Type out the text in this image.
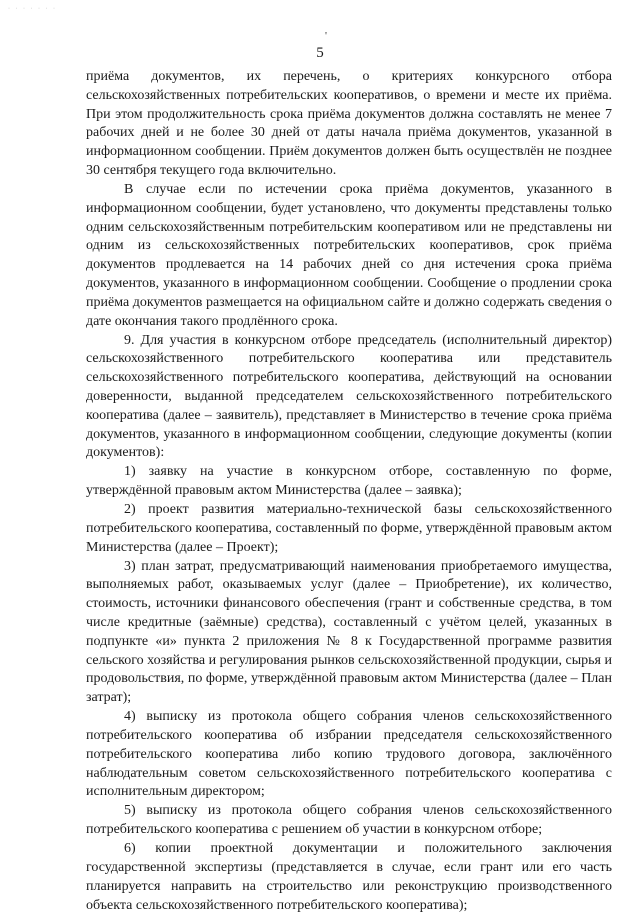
· · · · · · ·
'
5

приёма документов, их перечень, о критериях конкурсного отбора сельскохозяйственных потребительских кооперативов, о времени и месте их приёма. При этом продолжительность срока приёма документов должна составлять не менее 7 рабочих дней и не более 30 дней от даты начала приёма документов, указанной в информационном сообщении. Приём документов должен быть осуществлён не позднее 30 сентября текущего года включительно.

В случае если по истечении срока приёма документов, указанного в информационном сообщении, будет установлено, что документы представлены только одним сельскохозяйственным потребительским кооперативом или не представлены ни одним из сельскохозяйственных потребительских кооперативов, срок приёма документов продлевается на 14 рабочих дней со дня истечения срока приёма документов, указанного в информационном сообщении. Сообщение о продлении срока приёма документов размещается на официальном сайте и должно содержать сведения о дате окончания такого продлённого срока.

9. Для участия в конкурсном отборе председатель (исполнительный директор) сельскохозяйственного потребительского кооператива или представитель сельскохозяйственного потребительского кооператива, действующий на основании доверенности, выданной председателем сельскохозяйственного потребительского кооператива (далее – заявитель), представляет в Министерство в течение срока приёма документов, указанного в информационном сообщении, следующие документы (копии документов):

1) заявку на участие в конкурсном отборе, составленную по форме, утверждённой правовым актом Министерства (далее – заявка);

2) проект развития материально-технической базы сельскохозяйственного потребительского кооператива, составленный по форме, утверждённой правовым актом Министерства (далее – Проект);

3) план затрат, предусматривающий наименования приобретаемого имущества, выполняемых работ, оказываемых услуг (далее – Приобретение), их количество, стоимость, источники финансового обеспечения (грант и собственные средства, в том числе кредитные (заёмные) средства), составленный с учётом целей, указанных в подпункте «и» пункта 2 приложения № 8 к Государственной программе развития сельского хозяйства и регулирования рынков сельскохозяйственной продукции, сырья и продовольствия, по форме, утверждённой правовым актом Министерства (далее – План затрат);

4) выписку из протокола общего собрания членов сельскохозяйственного потребительского кооператива об избрании председателя сельскохозяйственного потребительского кооператива либо копию трудового договора, заключённого наблюдательным советом сельскохозяйственного потребительского кооператива с исполнительным директором;

5) выписку из протокола общего собрания членов сельскохозяйственного потребительского кооператива с решением об участии в конкурсном отборе;

6) копии проектной документации и положительного заключения государственной экспертизы (представляется в случае, если грант или его часть планируется направить на строительство или реконструкцию производственного объекта сельскохозяйственного потребительского кооператива);
